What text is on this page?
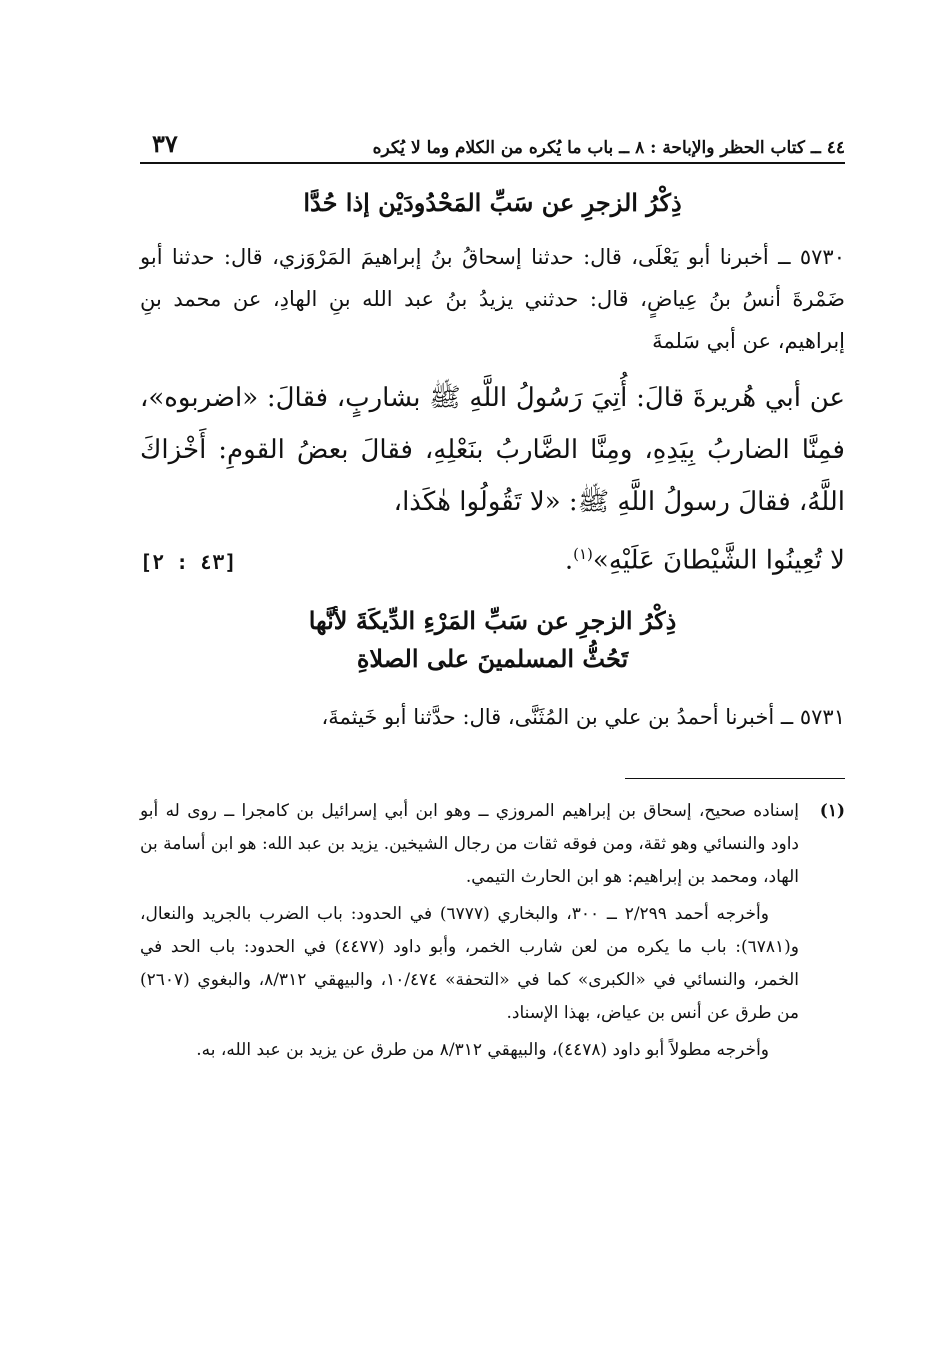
٤٤ ــ كتاب الحظر والإباحة : ٨ ــ باب ما يُكره من الكلام وما لا يُكره
٣٧
ذِكْرُ الزجرِ عن سَبِّ المَحْدُودَيْن إذا حُدَّا

٥٧٣٠ ــ أخبرنا أبو يَعْلَى، قال: حدثنا إسحاقُ بنُ إبراهيمَ المَرْوَزي، قال: حدثنا أبو ضَمْرةَ أنسُ بنُ عِياضٍ، قال: حدثني يزيدُ بنُ عبد الله بنِ الهادِ، عن محمد بنِ إبراهيم، عن أبي سَلمةَ

عن أبي هُريرةَ قالَ: أُتِيَ رَسُولُ اللَّهِ ﷺ بشاربٍ، فقالَ: «اضربوه»، فمِنَّا الضاربُ بِيَدِهِ، ومِنَّا الضَّاربُ بنَعْلِهِ، فقالَ بعضُ القومِ: أَخْزاكَ اللَّهُ، فقالَ رسولُ اللَّهِ ﷺ: «لا تَقُولُوا هٰكَذا،
لا تُعِينُوا الشَّيْطانَ عَلَيْهِ»$^{(١)}$.
[٤٣ : ٢]
ذِكْرُ الزجرِ عن سَبِّ المَرْءِ الدِّيكَةَ لأنَّها
تَحُثُّ المسلمينَ على الصلاةِ

٥٧٣١ ــ أخبرنا أحمدُ بن علي بن المُثَنَّى، قال: حدَّثنا أبو خَيثمةَ،

(١)
إسناده صحيح، إسحاق بن إبراهيم المروزي ــ وهو ابن أبي إسرائيل بن كامجرا ــ روى له أبو داود والنسائي وهو ثقة، ومن فوقه ثقات من رجال الشيخين. يزيد بن عبد الله: هو ابن أسامة بن الهاد، ومحمد بن إبراهيم: هو ابن الحارث التيمي.

وأخرجه أحمد ٢/٢٩٩ ــ ٣٠٠، والبخاري (٦٧٧٧) في الحدود: باب الضرب بالجريد والنعال، و(٦٧٨١): باب ما يكره من لعن شارب الخمر، وأبو داود (٤٤٧٧) في الحدود: باب الحد في الخمر، والنسائي في «الكبرى» كما في «التحفة» ١٠/٤٧٤، والبيهقي ٨/٣١٢، والبغوي (٢٦٠٧) من طرق عن أنس بن عياض، بهذا الإسناد.

وأخرجه مطولاً أبو داود (٤٤٧٨)، والبيهقي ٨/٣١٢ من طرق عن يزيد بن عبد الله، به.
